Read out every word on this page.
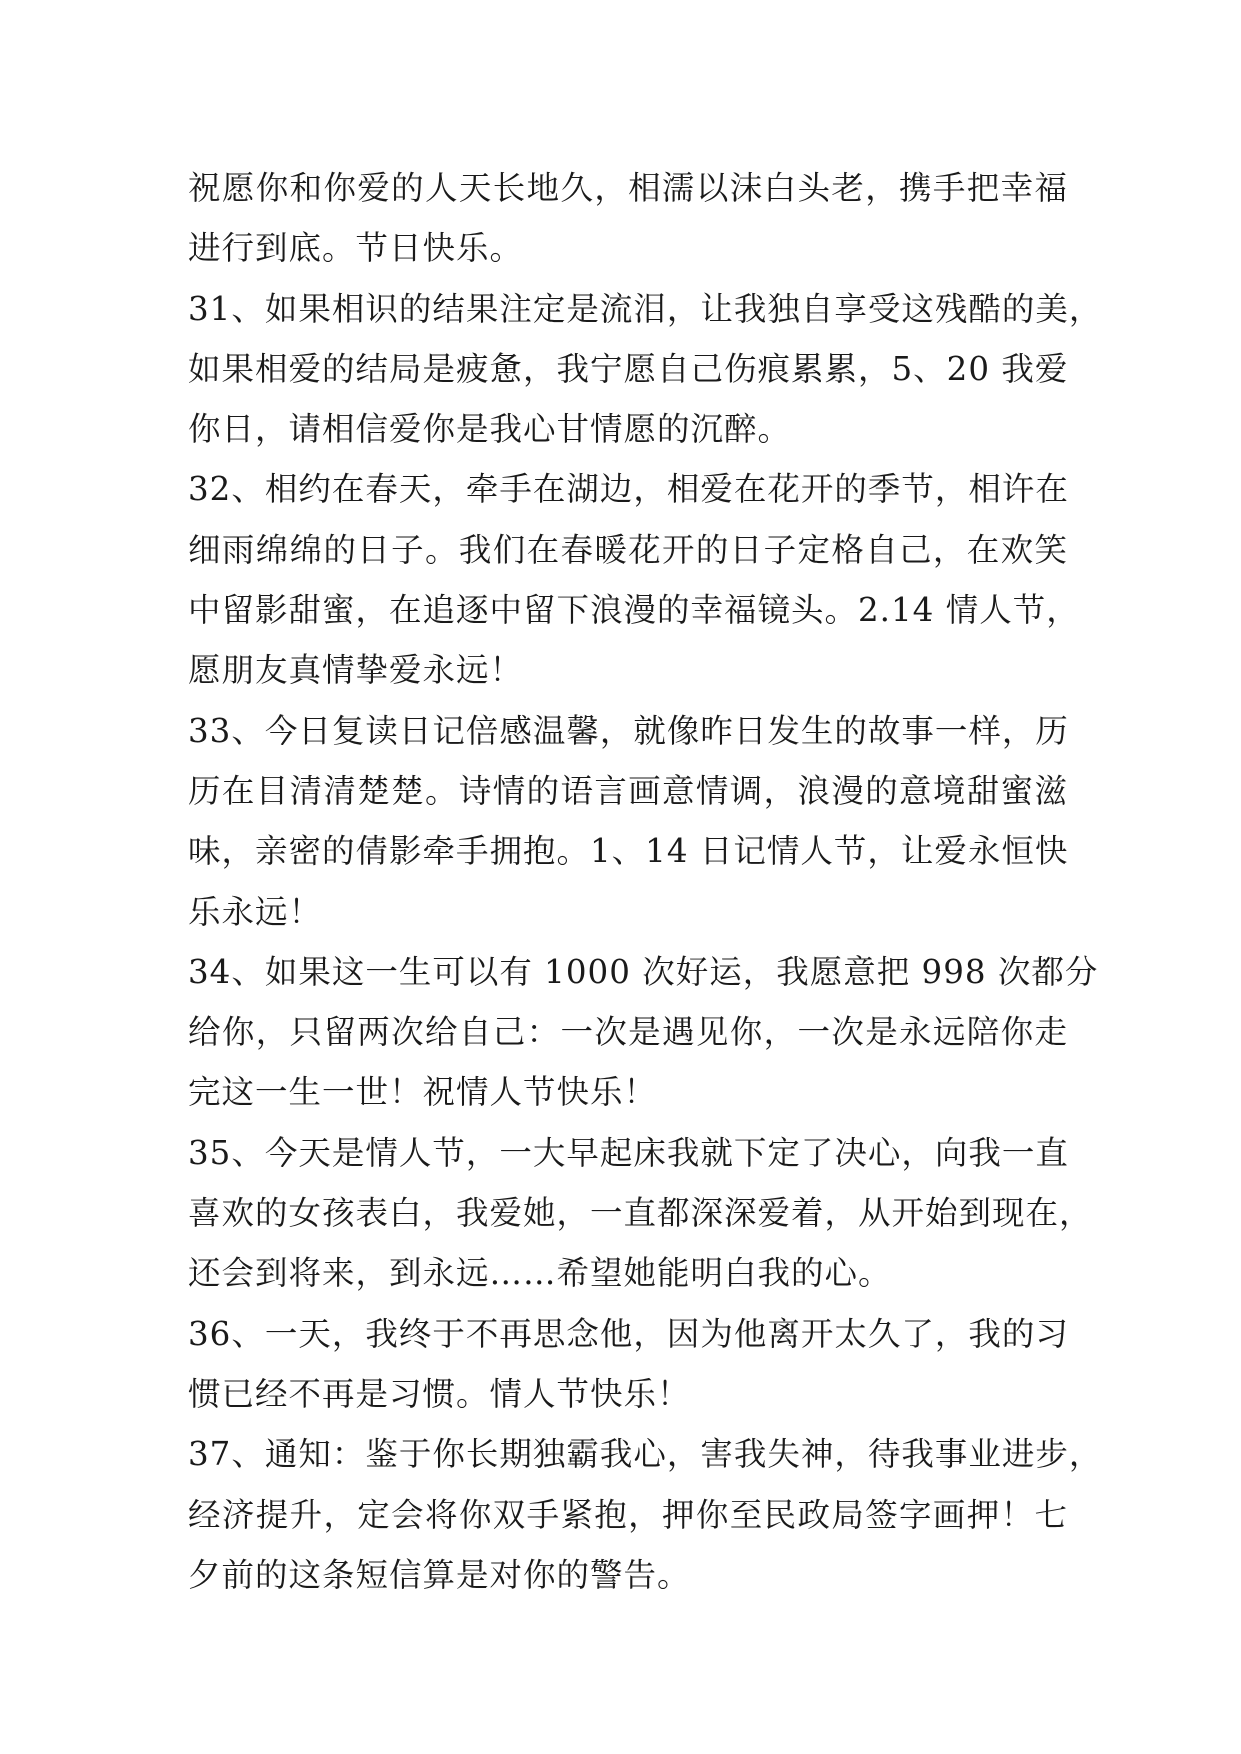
祝愿你和你爱的人天长地久，相濡以沫白头老，携手把幸福
进行到底。节日快乐。
31、如果相识的结果注定是流泪，让我独自享受这残酷的美，
如果相爱的结局是疲惫，我宁愿自己伤痕累累，5、20 我爱
你日，请相信爱你是我心甘情愿的沉醉。
32、相约在春天，牵手在湖边，相爱在花开的季节，相许在
细雨绵绵的日子。我们在春暖花开的日子定格自己，在欢笑
中留影甜蜜，在追逐中留下浪漫的幸福镜头。2.14 情人节，
愿朋友真情挚爱永远！
33、今日复读日记倍感温馨，就像昨日发生的故事一样，历
历在目清清楚楚。诗情的语言画意情调，浪漫的意境甜蜜滋
味，亲密的倩影牵手拥抱。1、14 日记情人节，让爱永恒快
乐永远！
34、如果这一生可以有 1000 次好运，我愿意把 998 次都分
给你，只留两次给自己：一次是遇见你，一次是永远陪你走
完这一生一世！祝情人节快乐！
35、今天是情人节，一大早起床我就下定了决心，向我一直
喜欢的女孩表白，我爱她，一直都深深爱着，从开始到现在，
还会到将来，到永远……希望她能明白我的心。
36、一天，我终于不再思念他，因为他离开太久了，我的习
惯已经不再是习惯。情人节快乐！
37、通知：鉴于你长期独霸我心，害我失神，待我事业进步，
经济提升，定会将你双手紧抱，押你至民政局签字画押！七
夕前的这条短信算是对你的警告。
